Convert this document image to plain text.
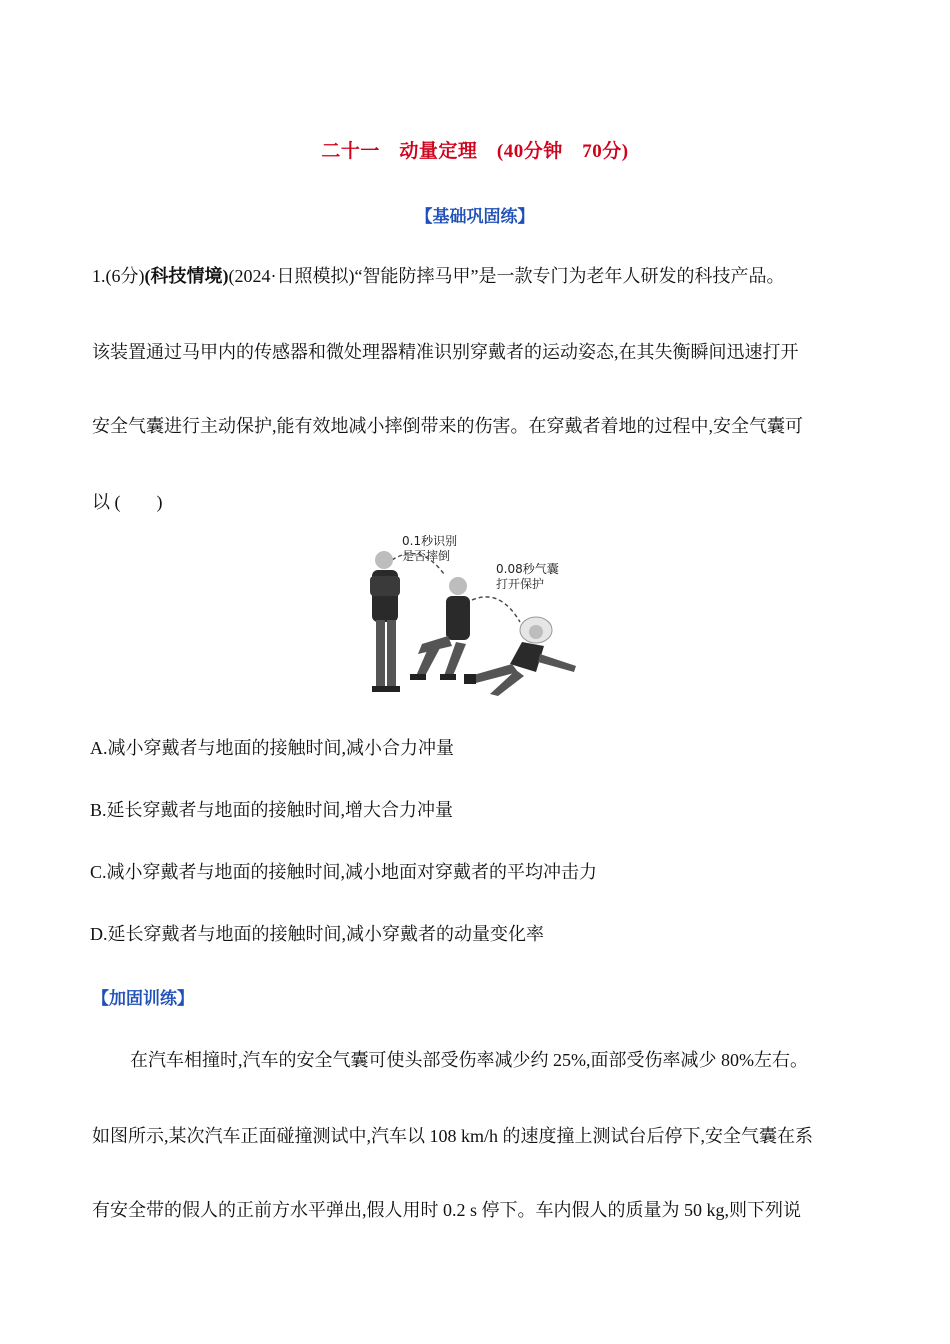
二十一　动量定理　(40分钟　70分)
【基础巩固练】
1.(6分)(科技情境)(2024·日照模拟)“智能防摔马甲”是一款专门为老年人研发的科技产品。
该装置通过马甲内的传感器和微处理器精准识别穿戴者的运动姿态,在其失衡瞬间迅速打开
安全气囊进行主动保护,能有效地减小摔倒带来的伤害。在穿戴者着地的过程中,安全气囊可
以 (　　)
0.1秒识别
是否摔倒
0.08秒气囊
打开保护
A.减小穿戴者与地面的接触时间,减小合力冲量
B.延长穿戴者与地面的接触时间,增大合力冲量
C.减小穿戴者与地面的接触时间,减小地面对穿戴者的平均冲击力
D.延长穿戴者与地面的接触时间,减小穿戴者的动量变化率
【加固训练】
在汽车相撞时,汽车的安全气囊可使头部受伤率减少约 25%,面部受伤率减少 80%左右。
如图所示,某次汽车正面碰撞测试中,汽车以 108 km/h 的速度撞上测试台后停下,安全气囊在系
有安全带的假人的正前方水平弹出,假人用时 0.2 s 停下。车内假人的质量为 50 kg,则下列说
